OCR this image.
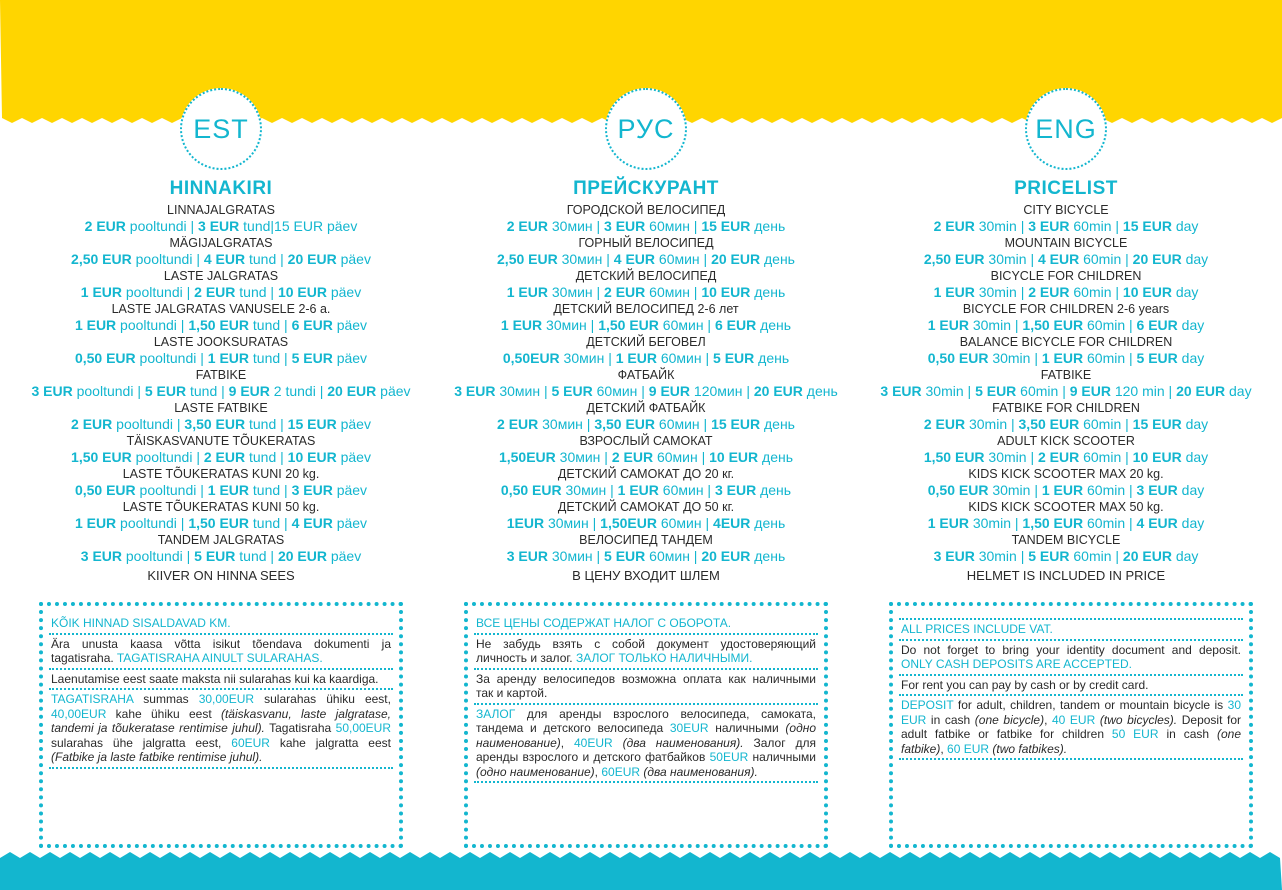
EST
HINNAKIRI
LINNAJALGRATAS
2 EUR pooltundi | 3 EUR tund|15 EUR päev
MÄGIJALGRATAS
2,50 EUR pooltundi | 4 EUR tund | 20 EUR päev
LASTE JALGRATAS
1 EUR pooltundi | 2 EUR tund | 10 EUR päev
LASTE JALGRATAS VANUSELE 2-6 a.
1 EUR pooltundi | 1,50 EUR tund | 6 EUR päev
LASTE JOOKSURATAS
0,50 EUR pooltundi | 1 EUR tund | 5 EUR päev
FATBIKE
3 EUR pooltundi | 5 EUR tund | 9 EUR 2 tundi | 20 EUR päev
LASTE FATBIKE
2 EUR pooltundi | 3,50 EUR tund | 15 EUR päev
TÄISKASVANUTE TÕUKERATAS
1,50 EUR pooltundi | 2 EUR tund | 10 EUR päev
LASTE TÕUKERATAS KUNI 20 kg.
0,50 EUR pooltundi | 1 EUR tund | 3 EUR päev
LASTE TÕUKERATAS KUNI 50 kg.
1 EUR pooltundi | 1,50 EUR tund | 4 EUR päev
TANDEM JALGRATAS
3 EUR pooltundi | 5 EUR tund | 20 EUR päev
KIIVER ON HINNA SEES
KÕIK HINNAD SISALDAVAD KM.
Ära unusta kaasa võtta isikut tõendava dokumenti ja tagatisraha. TAGATISRAHA AINULT SULARAHAS.
Laenutamise eest saate maksta nii sularahas kui ka kaardiga.
TAGATISRAHA summas 30,00EUR sularahas ühiku eest, 40,00EUR kahe ühiku eest (täiskasvanu, laste jalgratase, tandemi ja tõukeratase rentimise juhul). Tagatisraha 50,00EUR sularahas ühe jalgratta eest, 60EUR kahe jalgratta eest (Fatbike ja laste fatbike rentimise juhul).
РУС
ПРЕЙСКУРАНТ
ГОРОДСКОЙ ВЕЛОСИПЕД
2 EUR 30мин | 3 EUR 60мин | 15 EUR день
ГОРНЫЙ ВЕЛОСИПЕД
2,50 EUR 30мин | 4 EUR 60мин | 20 EUR день
ДЕТСКИЙ ВЕЛОСИПЕД
1 EUR 30мин | 2 EUR 60мин | 10 EUR день
ДЕТСКИЙ ВЕЛОСИПЕД 2-6 лет
1 EUR 30мин | 1,50 EUR 60мин | 6 EUR день
ДЕТСКИЙ БЕГОВЕЛ
0,50EUR 30мин | 1 EUR 60мин | 5 EUR день
ФАТБАЙК
3 EUR 30мин | 5 EUR 60мин | 9 EUR 120мин | 20 EUR день
ДЕТСКИЙ ФАТБАЙК
2 EUR 30мин | 3,50 EUR 60мин | 15 EUR день
ВЗРОСЛЫЙ САМОКАТ
1,50EUR 30мин | 2 EUR 60мин | 10 EUR день
ДЕТСКИЙ САМОКАТ ДО 20 кг.
0,50 EUR 30мин | 1 EUR 60мин | 3 EUR день
ДЕТСКИЙ САМОКАТ ДО 50 кг.
1EUR 30мин | 1,50EUR 60мин | 4EUR день
ВЕЛОСИПЕД ТАНДЕМ
3 EUR 30мин | 5 EUR 60мин | 20 EUR день
В ЦЕНУ ВХОДИТ ШЛЕМ
ВСЕ ЦЕНЫ СОДЕРЖАТ НАЛОГ С ОБОРОТА.
Не забудь взять с собой документ удостоверяющий личность и залог. ЗАЛОГ ТОЛЬКО НАЛИЧНЫМИ.
За аренду велосипедов возможна оплата как наличными так и картой.
ЗАЛОГ для аренды взрослого велосипеда, самоката, тандема и детского велосипеда 30EUR наличными (одно наименование), 40EUR (два наименования). Залог для аренды взрослого и детского фатбайков 50EUR наличными (одно наименование), 60EUR (два наименования).
ENG
PRICELIST
CITY BICYCLE
2 EUR 30min | 3 EUR 60min | 15 EUR day
MOUNTAIN BICYCLE
2,50 EUR 30min | 4 EUR 60min | 20 EUR day
BICYCLE FOR CHILDREN
1 EUR 30min | 2 EUR 60min | 10 EUR day
BICYCLE FOR CHILDREN 2-6 years
1 EUR 30min | 1,50 EUR 60min | 6 EUR day
BALANCE BICYCLE FOR CHILDREN
0,50 EUR 30min | 1 EUR 60min | 5 EUR day
FATBIKE
3 EUR 30min | 5 EUR 60min | 9 EUR 120 min | 20 EUR day
FATBIKE FOR CHILDREN
2 EUR 30min | 3,50 EUR 60min | 15 EUR day
ADULT KICK SCOOTER
1,50 EUR 30min | 2 EUR 60min | 10 EUR day
KIDS KICK SCOOTER MAX 20 kg.
0,50 EUR 30min | 1 EUR 60min | 3 EUR day
KIDS KICK SCOOTER MAX 50 kg.
1 EUR 30min | 1,50 EUR 60min | 4 EUR day
TANDEM BICYCLE
3 EUR 30min | 5 EUR 60min | 20 EUR day
HELMET IS INCLUDED IN PRICE
ALL PRICES INCLUDE VAT.
Do not forget to bring your identity document and deposit. ONLY CASH DEPOSITS ARE ACCEPTED.
For rent you can pay by cash or by credit card.
DEPOSIT for adult, children, tandem or mountain bicycle is 30 EUR in cash (one bicycle), 40 EUR (two bicycles). Deposit for adult fatbike or fatbike for children 50 EUR in cash (one fatbike), 60 EUR (two fatbikes).
